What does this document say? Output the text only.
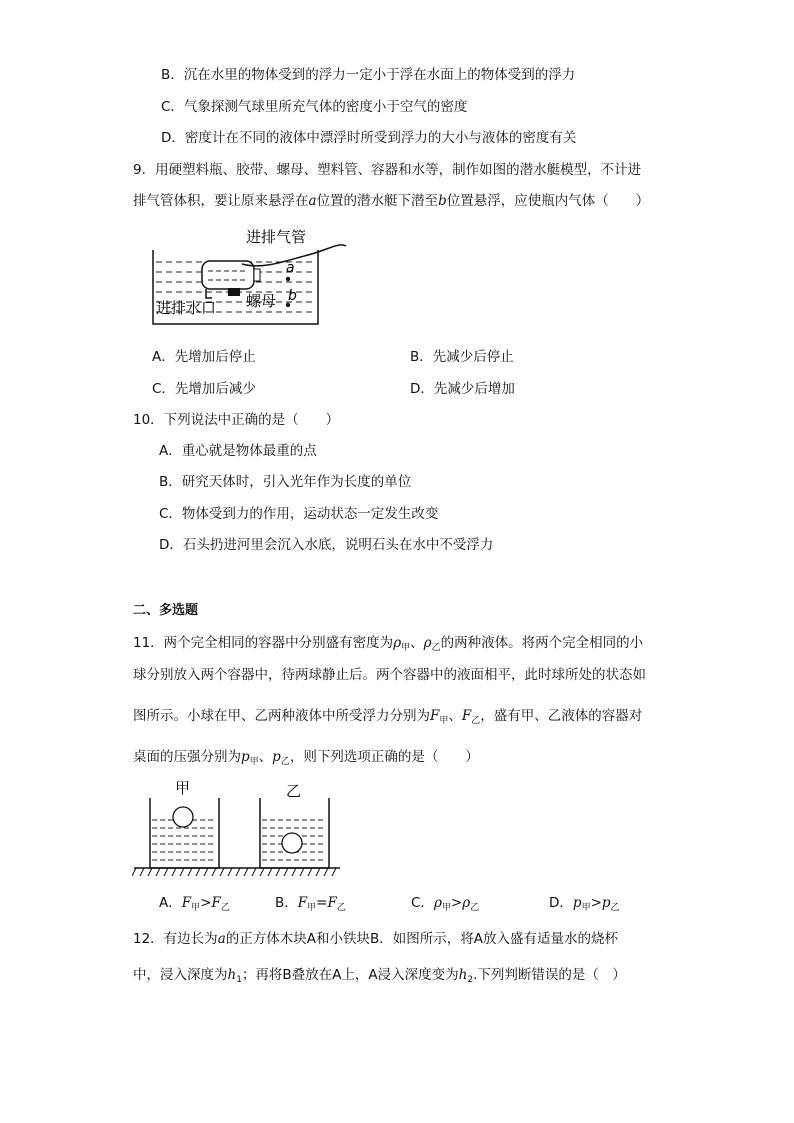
B．沉在水里的物体受到的浮力一定小于浮在水面上的物体受到的浮力
C．气象探测气球里所充气体的密度小于空气的密度
D．密度计在不同的液体中漂浮时所受到浮力的大小与液体的密度有关
9．用硬塑料瓶、胶带、螺母、塑料管、容器和水等，制作如图的潜水艇模型，不计进
排气管体积，要让原来悬浮在a位置的潜水艇下潜至b位置悬浮，应使瓶内气体（　　）
a
b
进排气管
进排水口 螺母
A．先增加后停止	B．先减少后停止
C．先增加后减少	D．先减少后增加
10．下列说法中正确的是（　　）
A．重心就是物体最重的点
B．研究天体时，引入光年作为长度的单位
C．物体受到力的作用，运动状态一定发生改变
D．石头扔进河里会沉入水底，说明石头在水中不受浮力
二、多选题
11．两个完全相同的容器中分别盛有密度为$\rho_甲$、$\rho_乙$的两种液体。将两个完全相同的小
球分别放入两个容器中，待两球静止后。两个容器中的液面相平，此时球所处的状态如
图所示。小球在甲、乙两种液体中所受浮力分别为$F_甲$、$F_乙$，盛有甲、乙液体的容器对
桌面的压强分别为$p_甲$、$p_乙$，则下列选项正确的是（　　）
甲	乙
A．$F_甲>F_乙$	B．$F_甲=F_乙$	C．$\rho_甲>\rho_乙$	D．$p_甲>p_乙$
12．有边长为a的正方体木块A和小铁块B．如图所示，将A放入盛有适量水的烧杯
中，浸入深度为$h_1$；再将B叠放在A上，A浸入深度变为$h_2$.下列判断错误的是（　）
